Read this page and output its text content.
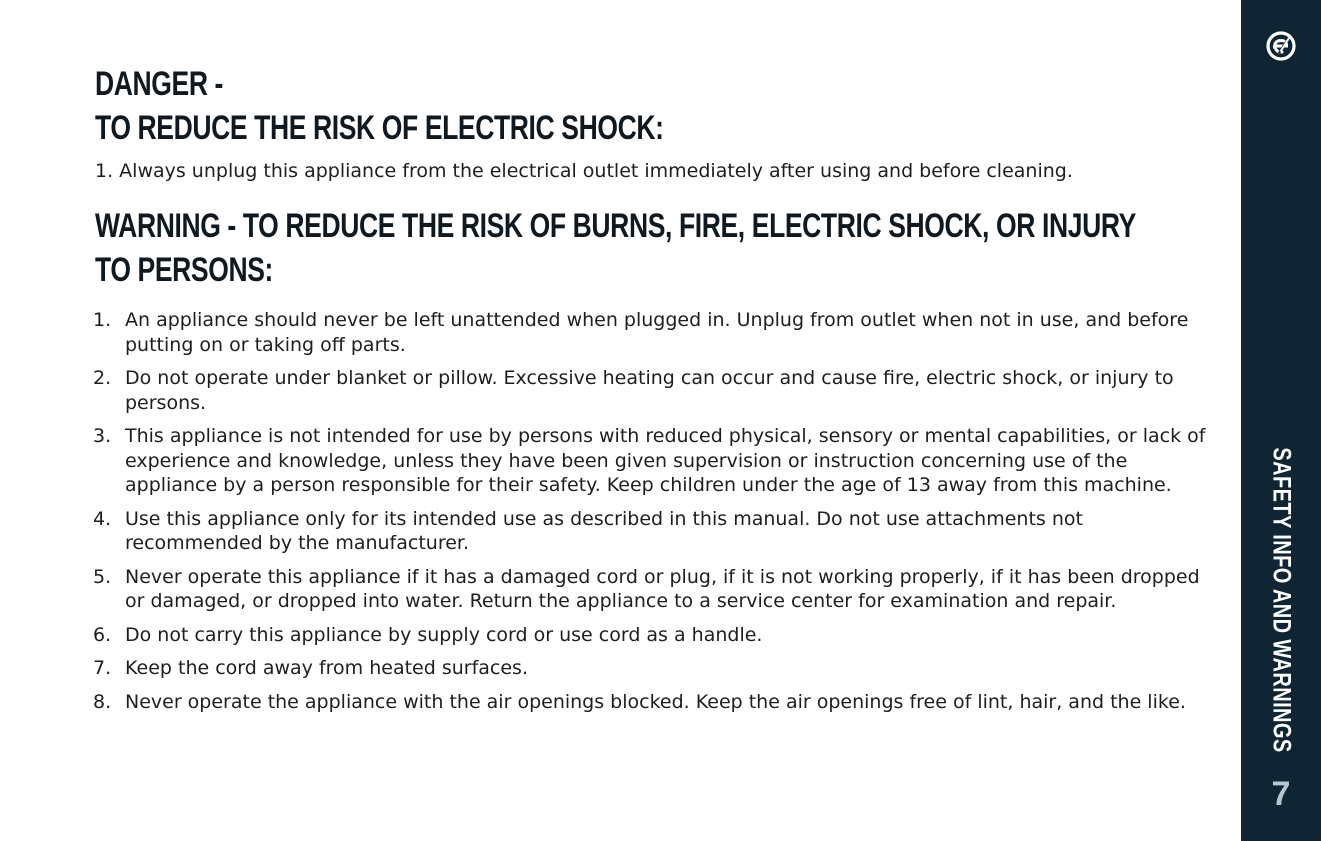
DANGER -
TO REDUCE THE RISK OF ELECTRIC SHOCK:

1. Always unplug this appliance from the electrical outlet immediately after using and before cleaning.

WARNING - TO REDUCE THE RISK OF BURNS, FIRE, ELECTRIC SHOCK, OR INJURY
TO PERSONS:
1. An appliance should never be left unattended when plugged in. Unplug from outlet when not in use, and before putting on or taking off parts.
2. Do not operate under blanket or pillow. Excessive heating can occur and cause fire, electric shock, or injury to persons.
3. This appliance is not intended for use by persons with reduced physical, sensory or mental capabilities, or lack of experience and knowledge, unless they have been given supervision or instruction concerning use of the appliance by a person responsible for their safety. Keep children under the age of 13 away from this machine.
4. Use this appliance only for its intended use as described in this manual. Do not use attachments not recommended by the manufacturer.
5. Never operate this appliance if it has a damaged cord or plug, if it is not working properly, if it has been dropped or damaged, or dropped into water. Return the appliance to a service center for examination and repair.
6. Do not carry this appliance by supply cord or use cord as a handle.
7. Keep the cord away from heated surfaces.
8. Never operate the appliance with the air openings blocked. Keep the air openings free of lint, hair, and the like.	SAFETY INFO AND WARNINGS
7
